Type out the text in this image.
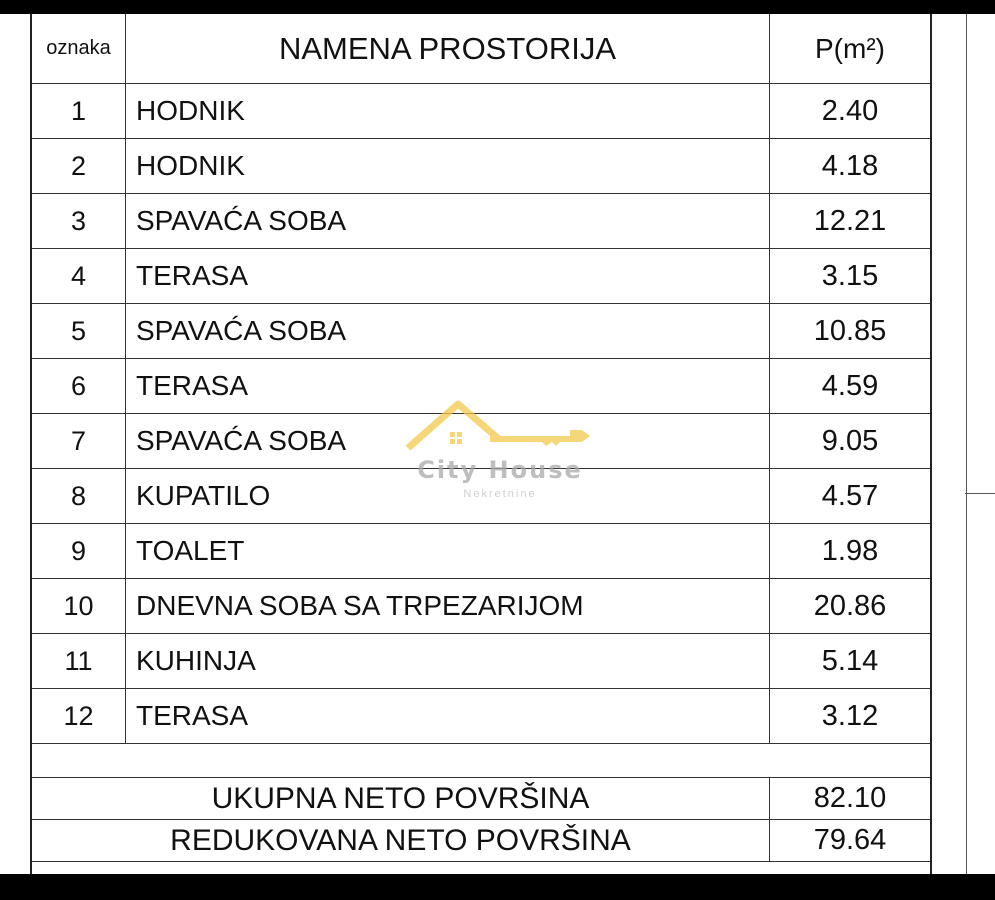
oznaka	NAMENA PROSTORIJA	P(m²)
1	HODNIK	2.40
2	HODNIK	4.18
3	SPAVAĆA SOBA	12.21
4	TERASA	3.15
5	SPAVAĆA SOBA	10.85
6	TERASA	4.59
7	SPAVAĆA SOBA	9.05
8	KUPATILO	4.57
9	TOALET	1.98
10	DNEVNA SOBA SA TRPEZARIJOM	20.86
11	KUHINJA	5.14
12	TERASA	3.12
UKUPNA NETO POVRŠINA	82.10
REDUKOVANA NETO POVRŠINA	79.64
City House
Nekretnine
